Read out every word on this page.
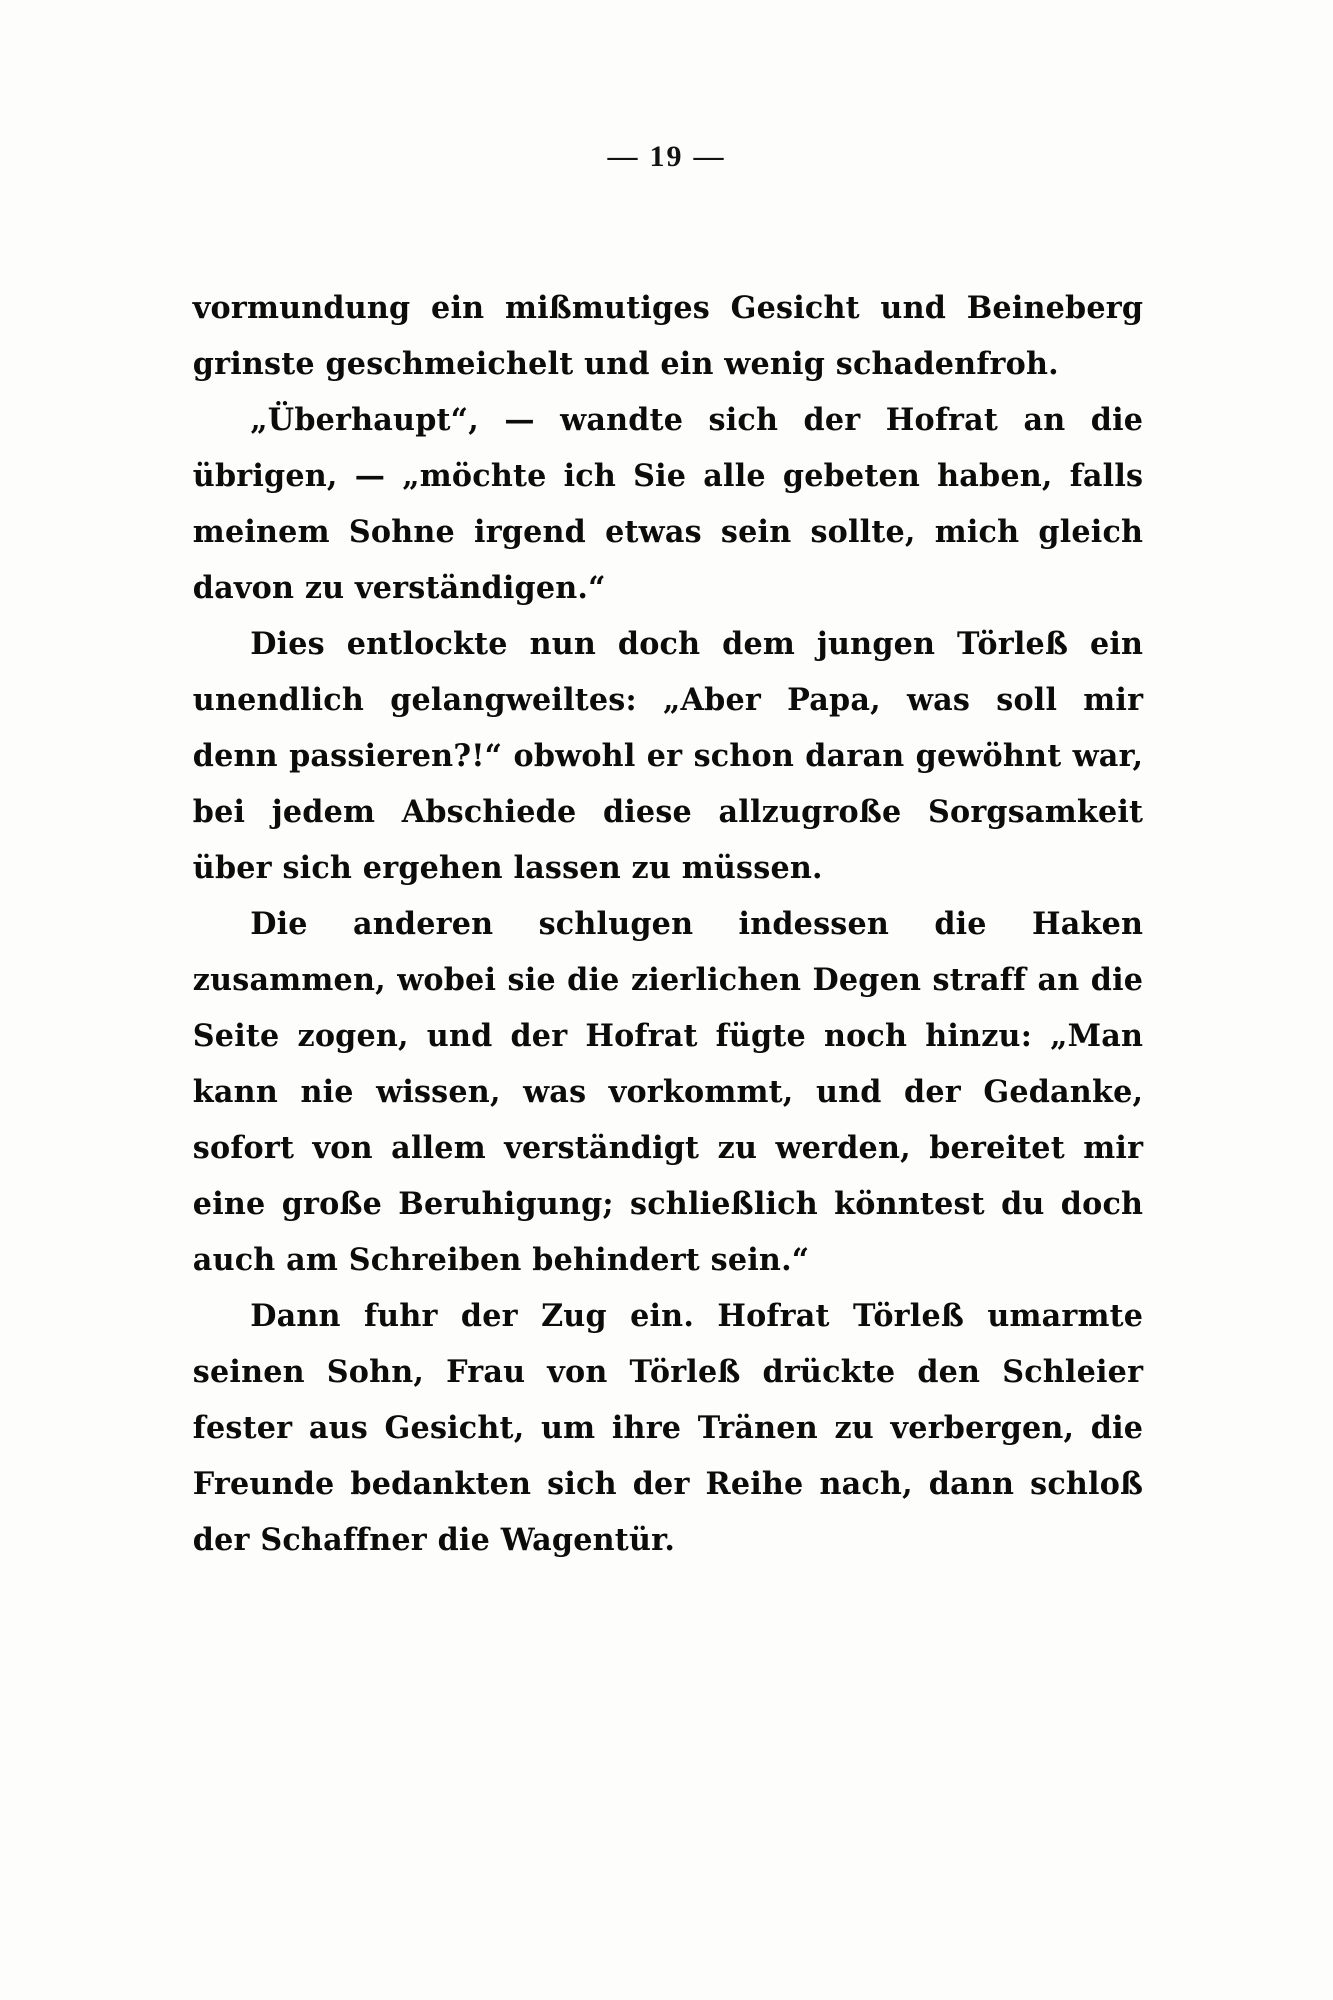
— 19 —

vormundung ein mißmutiges Gesicht und Beineberg grinste geschmeichelt und ein wenig schadenfroh.

„Überhaupt“, — wandte sich der Hofrat an die übrigen, — „möchte ich Sie alle gebeten haben, falls meinem Sohne irgend etwas sein sollte, mich gleich davon zu verständigen.“

Dies entlockte nun doch dem jungen Törleß ein unendlich gelangweiltes: „Aber Papa, was soll mir denn passieren?!“ obwohl er schon daran gewöhnt war, bei jedem Abschiede diese allzugroße Sorgsamkeit über sich ergehen lassen zu müssen.

Die anderen schlugen indessen die Haken zusammen, wobei sie die zierlichen Degen straff an die Seite zogen, und der Hofrat fügte noch hinzu: „Man kann nie wissen, was vorkommt, und der Gedanke, sofort von allem verständigt zu werden, bereitet mir eine große Beruhigung; schließlich könntest du doch auch am Schreiben behindert sein.“

Dann fuhr der Zug ein. Hofrat Törleß umarmte seinen Sohn, Frau von Törleß drückte den Schleier fester aus Gesicht, um ihre Tränen zu verbergen, die Freunde bedankten sich der Reihe nach, dann schloß der Schaffner die Wagentür.
